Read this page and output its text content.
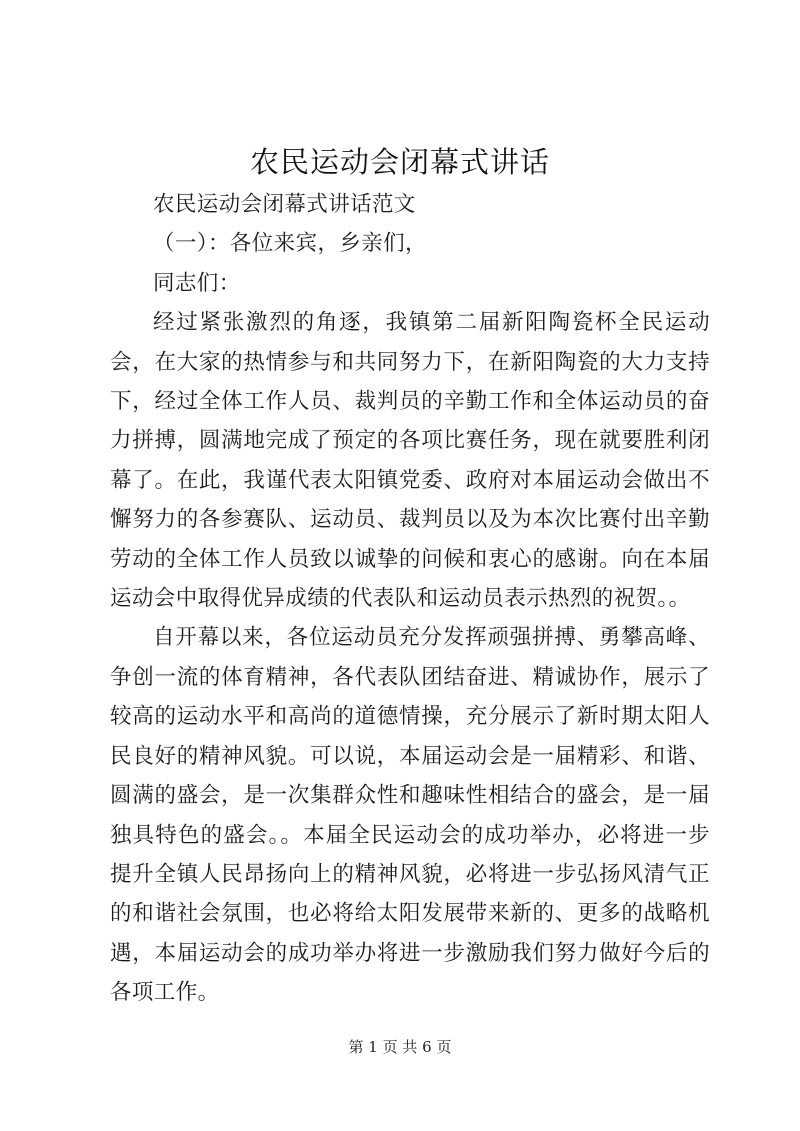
农民运动会闭幕式讲话

农民运动会闭幕式讲话范文

（一）：各位来宾，乡亲们，

同志们：

经过紧张激烈的角逐，我镇第二届新阳陶瓷杯全民运动会，在大家的热情参与和共同努力下，在新阳陶瓷的大力支持下，经过全体工作人员、裁判员的辛勤工作和全体运动员的奋力拼搏，圆满地完成了预定的各项比赛任务，现在就要胜利闭幕了。在此，我谨代表太阳镇党委、政府对本届运动会做出不懈努力的各参赛队、运动员、裁判员以及为本次比赛付出辛勤劳动的全体工作人员致以诚挚的问候和衷心的感谢。向在本届运动会中取得优异成绩的代表队和运动员表示热烈的祝贺。。

自开幕以来，各位运动员充分发挥顽强拼搏、勇攀高峰、争创一流的体育精神，各代表队团结奋进、精诚协作，展示了较高的运动水平和高尚的道德情操，充分展示了新时期太阳人民良好的精神风貌。可以说，本届运动会是一届精彩、和谐、圆满的盛会，是一次集群众性和趣味性相结合的盛会，是一届独具特色的盛会。。本届全民运动会的成功举办，必将进一步提升全镇人民昂扬向上的精神风貌，必将进一步弘扬风清气正的和谐社会氛围，也必将给太阳发展带来新的、更多的战略机遇，本届运动会的成功举办将进一步激励我们努力做好今后的各项工作。

第 1 页 共 6 页
